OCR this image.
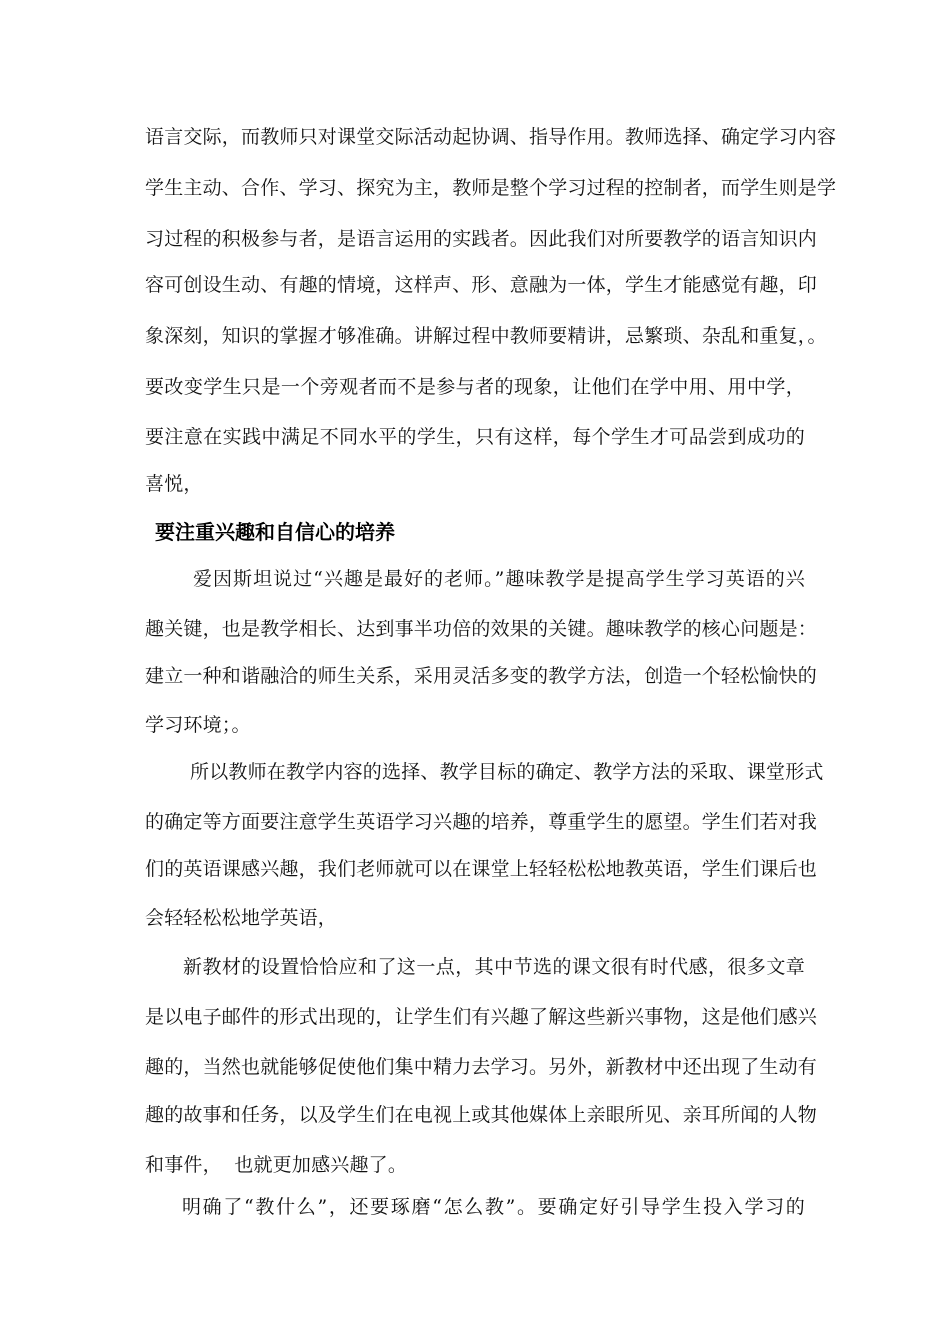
语言交际，而教师只对课堂交际活动起协调、指导作用。教师选择、确定学习内容
学生主动、合作、学习、探究为主，教师是整个学习过程的控制者，而学生则是学
习过程的积极参与者，是语言运用的实践者。因此我们对所要教学的语言知识内
容可创设生动、有趣的情境，这样声、形、意融为一体，学生才能感觉有趣，印
象深刻，知识的掌握才够准确。讲解过程中教师要精讲，忌繁琐、杂乱和重复，。
要改变学生只是一个旁观者而不是参与者的现象，让他们在学中用、用中学，
要注意在实践中满足不同水平的学生，只有这样，每个学生才可品尝到成功的
喜悦，
要注重兴趣和自信心的培养
爱因斯坦说过“兴趣是最好的老师。”趣味教学是提高学生学习英语的兴
趣关键，也是教学相长、达到事半功倍的效果的关键。趣味教学的核心问题是：
建立一种和谐融洽的师生关系，采用灵活多变的教学方法，创造一个轻松愉快的
学习环境；。
所以教师在教学内容的选择、教学目标的确定、教学方法的采取、课堂形式
的确定等方面要注意学生英语学习兴趣的培养，尊重学生的愿望。学生们若对我
们的英语课感兴趣，我们老师就可以在课堂上轻轻松松地教英语，学生们课后也
会轻轻松松地学英语，
新教材的设置恰恰应和了这一点，其中节选的课文很有时代感，很多文章
是以电子邮件的形式出现的，让学生们有兴趣了解这些新兴事物，这是他们感兴
趣的，当然也就能够促使他们集中精力去学习。另外，新教材中还出现了生动有
趣的故事和任务，以及学生们在电视上或其他媒体上亲眼所见、亲耳所闻的人物
和事件，  也就更加感兴趣了。
明确了“教什么”，还要琢磨“怎么教”。要确定好引导学生投入学习的
